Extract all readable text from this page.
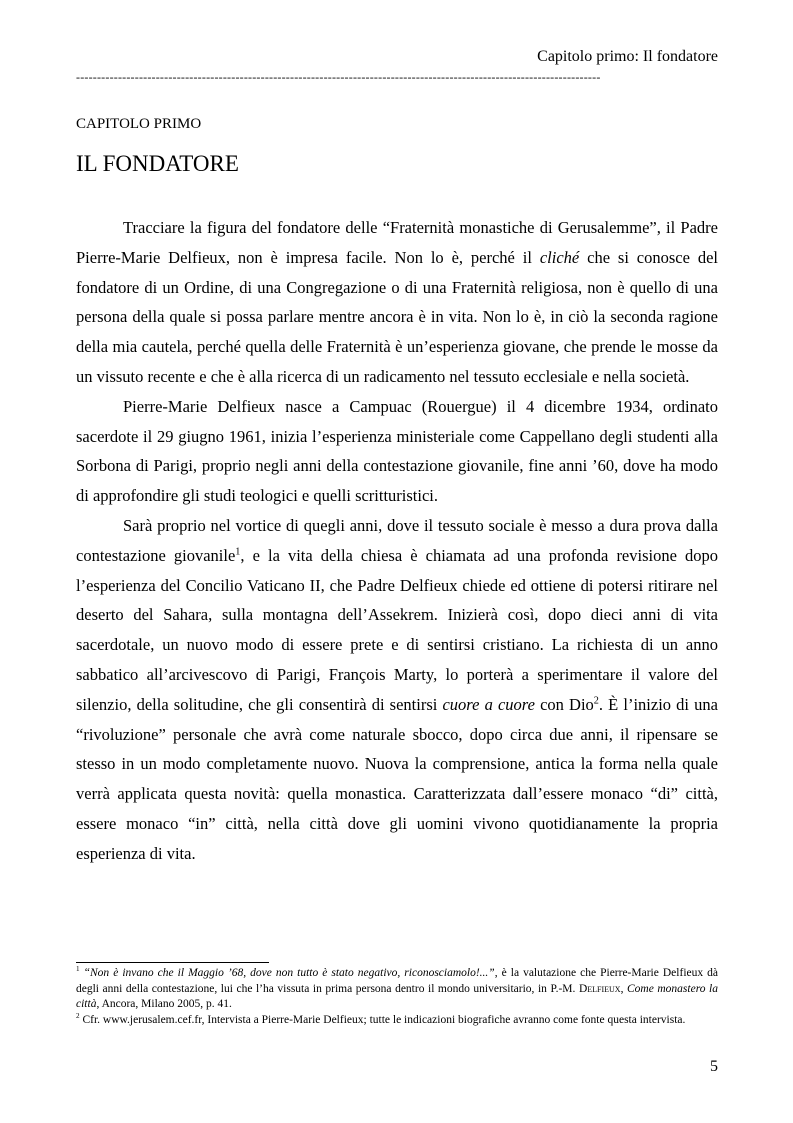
Capitolo primo: Il fondatore
-----------------------------------------------------------------------------------------------------------------------------
CAPITOLO PRIMO
IL FONDATORE

Tracciare la figura del fondatore delle “Fraternità monastiche di Gerusalemme”, il Padre Pierre-Marie Delfieux, non è impresa facile. Non lo è, perché il cliché che si conosce del fondatore di un Ordine, di una Congregazione o di una Fraternità religiosa, non è quello di una persona della quale si possa parlare mentre ancora è in vita. Non lo è, in ciò la seconda ragione della mia cautela, perché quella delle Fraternità è un’esperienza giovane, che prende le mosse da un vissuto recente e che è alla ricerca di un radicamento nel tessuto ecclesiale e nella società.

Pierre-Marie Delfieux nasce a Campuac (Rouergue) il 4 dicembre 1934, ordinato sacerdote il 29 giugno 1961, inizia l’esperienza ministeriale come Cappellano degli studenti alla Sorbona di Parigi, proprio negli anni della contestazione giovanile, fine anni ’60, dove ha modo di approfondire gli studi teologici e quelli scritturistici.

Sarà proprio nel vortice di quegli anni, dove il tessuto sociale è messo a dura prova dalla contestazione giovanile$^1$, e la vita della chiesa è chiamata ad una profonda revisione dopo l’esperienza del Concilio Vaticano II, che Padre Delfieux chiede ed ottiene di potersi ritirare nel deserto del Sahara, sulla montagna dell’Assekrem. Inizierà così, dopo dieci anni di vita sacerdotale, un nuovo modo di essere prete e di sentirsi cristiano. La richiesta di un anno sabbatico all’arcivescovo di Parigi, François Marty, lo porterà a sperimentare il valore del silenzio, della solitudine, che gli consentirà di sentirsi cuore a cuore con Dio$^2$. È l’inizio di una “rivoluzione” personale che avrà come naturale sbocco, dopo circa due anni, il ripensare se stesso in un modo completamente nuovo. Nuova la comprensione, antica la forma nella quale verrà applicata questa novità: quella monastica. Caratterizzata dall’essere monaco “di” città, essere monaco “in” città, nella città dove gli uomini vivono quotidianamente la propria esperienza di vita.

$^1$ “Non è invano che il Maggio ’68, dove non tutto è stato negativo, riconosciamolo!...”, è la valutazione che Pierre-Marie Delfieux dà degli anni della contestazione, lui che l’ha vissuta in prima persona dentro il mondo universitario, in P.-M. Delfieux, Come monastero la città, Ancora, Milano 2005, p. 41.

$^2$ Cfr. www.jerusalem.cef.fr, Intervista a Pierre-Marie Delfieux; tutte le indicazioni biografiche avranno come fonte questa intervista.

5
